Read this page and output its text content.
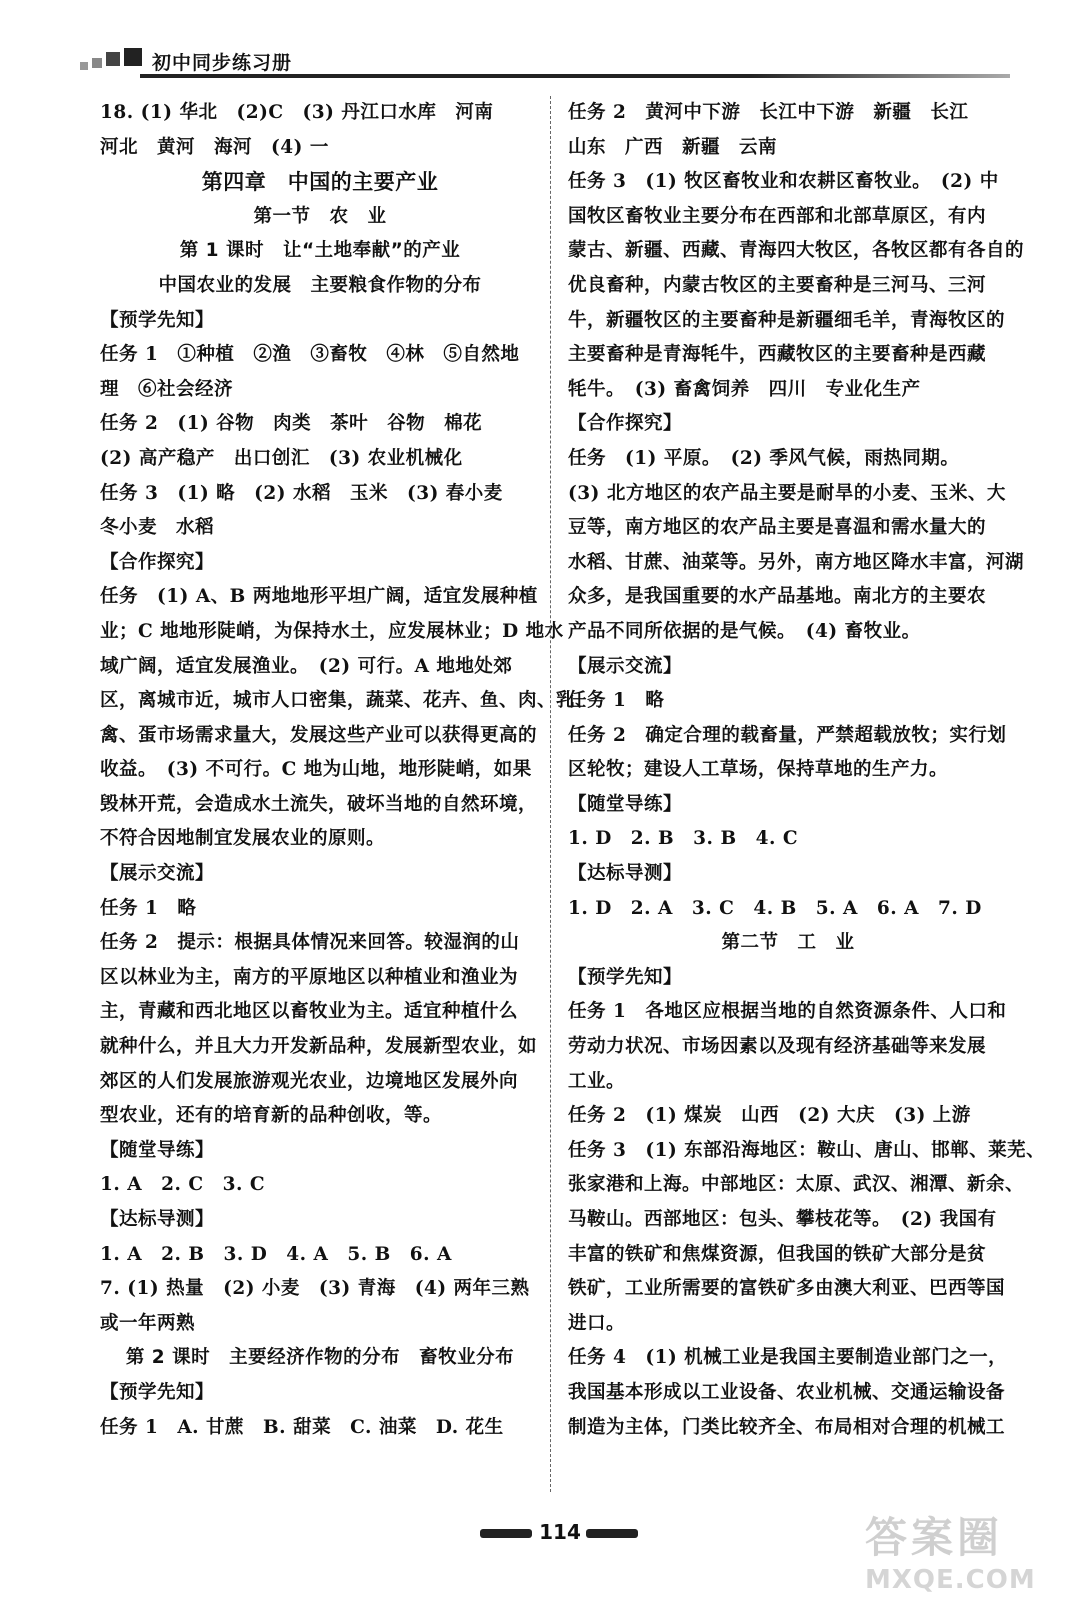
初中同步练习册
18. (1) 华北　(2)C　(3) 丹江口水库　河南
河北　黄河　海河　(4) 一
第四章　中国的主要产业
第一节　农　业
第 1 课时　让“土地奉献”的产业
中国农业的发展　主要粮食作物的分布
【预学先知】
任务 1　①种植　②渔　③畜牧　④林　⑤自然地
理　⑥社会经济
任务 2　(1) 谷物　肉类　茶叶　谷物　棉花
(2) 高产稳产　出口创汇　(3) 农业机械化
任务 3　(1) 略　(2) 水稻　玉米　(3) 春小麦
冬小麦　水稻
【合作探究】
任务　(1) A、B 两地地形平坦广阔，适宜发展种植
业；C 地地形陡峭，为保持水土，应发展林业；D 地水
域广阔，适宜发展渔业。　(2) 可行。A 地地处郊
区，离城市近，城市人口密集，蔬菜、花卉、鱼、肉、乳、
禽、蛋市场需求量大，发展这些产业可以获得更高的
收益。　(3) 不可行。C 地为山地，地形陡峭，如果
毁林开荒，会造成水土流失，破坏当地的自然环境，
不符合因地制宜发展农业的原则。
【展示交流】
任务 1　略
任务 2　提示：根据具体情况来回答。较湿润的山
区以林业为主，南方的平原地区以种植业和渔业为
主，青藏和西北地区以畜牧业为主。适宜种植什么
就种什么，并且大力开发新品种，发展新型农业，如
郊区的人们发展旅游观光农业，边境地区发展外向
型农业，还有的培育新的品种创收，等。
【随堂导练】
1. A　2. C　3. C
【达标导测】
1. A　2. B　3. D　4. A　5. B　6. A
7. (1) 热量　(2) 小麦　(3) 青海　(4) 两年三熟
或一年两熟
第 2 课时　主要经济作物的分布　畜牧业分布
【预学先知】
任务 1　A. 甘蔗　B. 甜菜　C. 油菜　D. 花生
任务 2　黄河中下游　长江中下游　新疆　长江
山东　广西　新疆　云南
任务 3　(1) 牧区畜牧业和农耕区畜牧业。　(2) 中
国牧区畜牧业主要分布在西部和北部草原区，有内
蒙古、新疆、西藏、青海四大牧区，各牧区都有各自的
优良畜种，内蒙古牧区的主要畜种是三河马、三河
牛，新疆牧区的主要畜种是新疆细毛羊，青海牧区的
主要畜种是青海牦牛，西藏牧区的主要畜种是西藏
牦牛。　(3) 畜禽饲养　四川　专业化生产
【合作探究】
任务　(1) 平原。　(2) 季风气候，雨热同期。
(3) 北方地区的农产品主要是耐旱的小麦、玉米、大
豆等，南方地区的农产品主要是喜温和需水量大的
水稻、甘蔗、油菜等。另外，南方地区降水丰富，河湖
众多，是我国重要的水产品基地。南北方的主要农
产品不同所依据的是气候。　(4) 畜牧业。
【展示交流】
任务 1　略
任务 2　确定合理的载畜量，严禁超载放牧；实行划
区轮牧；建设人工草场，保持草地的生产力。
【随堂导练】
1. D　2. B　3. B　4. C
【达标导测】
1. D　2. A　3. C　4. B　5. A　6. A　7. D
第二节　工　业
【预学先知】
任务 1　各地区应根据当地的自然资源条件、人口和
劳动力状况、市场因素以及现有经济基础等来发展
工业。
任务 2　(1) 煤炭　山西　(2) 大庆　(3) 上游
任务 3　(1) 东部沿海地区：鞍山、唐山、邯郸、莱芜、
张家港和上海。中部地区：太原、武汉、湘潭、新余、
马鞍山。西部地区：包头、攀枝花等。　(2) 我国有
丰富的铁矿和焦煤资源，但我国的铁矿大部分是贫
铁矿，工业所需要的富铁矿多由澳大利亚、巴西等国
进口。
任务 4　(1) 机械工业是我国主要制造业部门之一，
我国基本形成以工业设备、农业机械、交通运输设备
制造为主体，门类比较齐全、布局相对合理的机械工
114	答案圈
MXQE.COM
